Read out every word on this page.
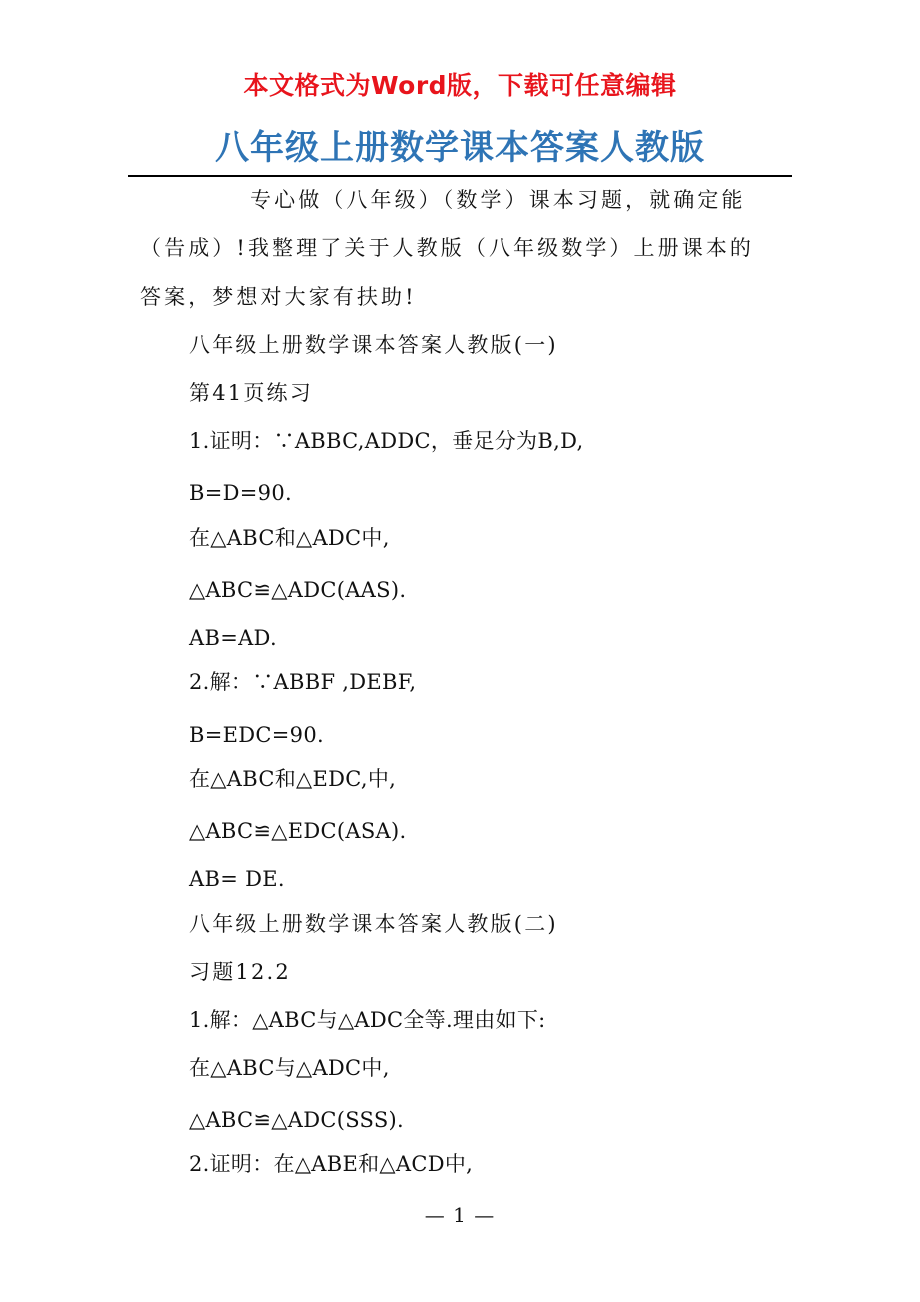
本文格式为Word版，下载可任意编辑
八年级上册数学课本答案人教版
专心做（八年级）（数学）课本习题，就确定能
（告成）!我整理了关于人教版（八年级数学）上册课本的
答案，梦想对大家有扶助!
八年级上册数学课本答案人教版(一)
第41页练习
1.证明：∵ABBC,ADDC，垂足分为B,D,
B=D=90.
在△ABC和△ADC中,
△ABC≌△ADC(AAS).
AB=AD.
2.解：∵ABBF ,DEBF,
B=EDC=90.
在△ABC和△EDC,中,
△ABC≌△EDC(ASA).
AB= DE.
八年级上册数学课本答案人教版(二)
习题12.2
1.解：△ABC与△ADC全等.理由如下:
在△ABC与△ADC中,
△ABC≌△ADC(SSS).
2.证明：在△ABE和△ACD中,
— 1 —
